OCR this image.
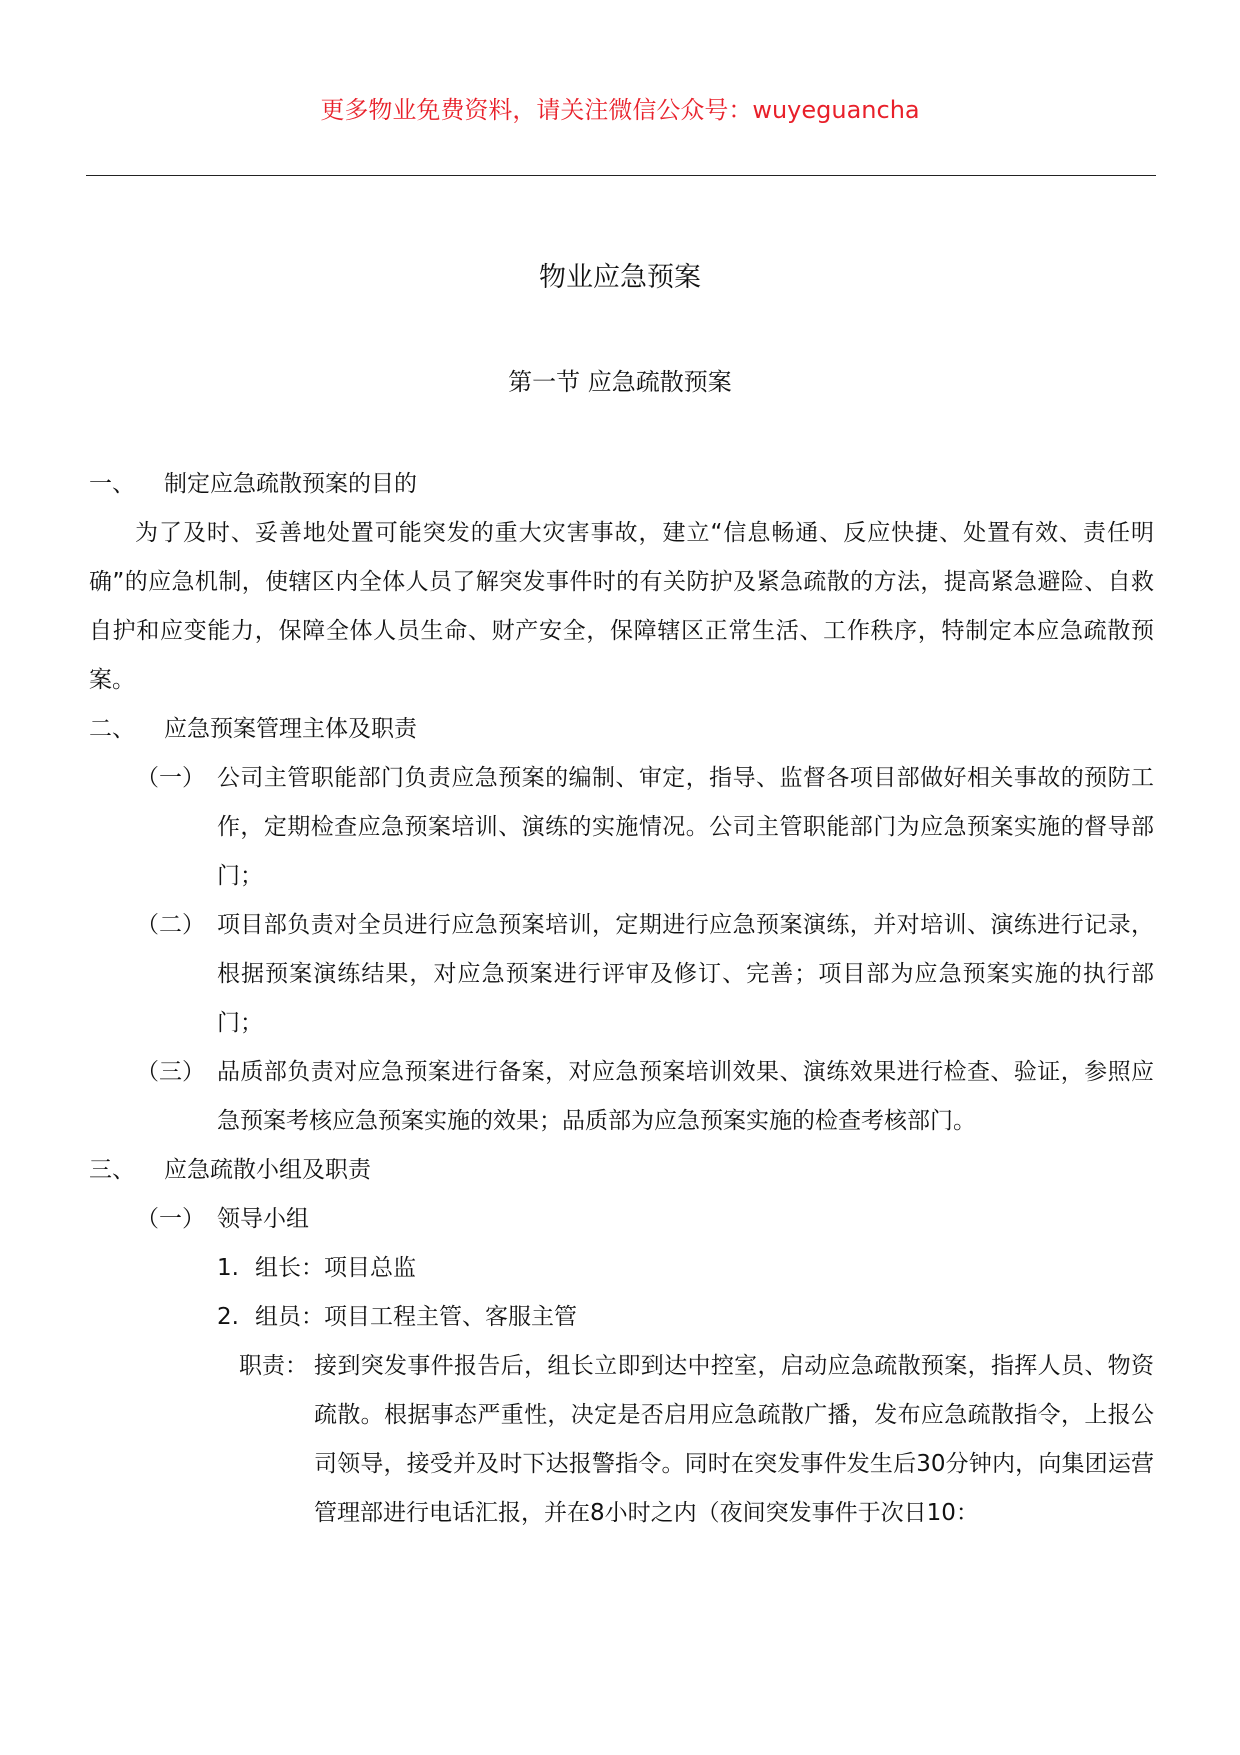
更多物业免费资料，请关注微信公众号：wuyeguancha
物业应急预案
第一节 应急疏散预案
一、	制定应急疏散预案的目的
为了及时、妥善地处置可能突发的重大灾害事故，建立“信息畅通、反应快捷、处置有效、责任明确”的应急机制，使辖区内全体人员了解突发事件时的有关防护及紧急疏散的方法，提高紧急避险、自救自护和应变能力，保障全体人员生命、财产安全，保障辖区正常生活、工作秩序，特制定本应急疏散预案。
二、	应急预案管理主体及职责
（一） 公司主管职能部门负责应急预案的编制、审定，指导、监督各项目部做好相关事故的预防工作，定期检查应急预案培训、演练的实施情况。公司主管职能部门为应急预案实施的督导部门；
（二） 项目部负责对全员进行应急预案培训，定期进行应急预案演练，并对培训、演练进行记录，根据预案演练结果，对应急预案进行评审及修订、完善；项目部为应急预案实施的执行部门；
（三） 品质部负责对应急预案进行备案，对应急预案培训效果、演练效果进行检查、验证，参照应急预案考核应急预案实施的效果；品质部为应急预案实施的检查考核部门。
三、	应急疏散小组及职责
（一） 领导小组
1. 组长：项目总监
2. 组员：项目工程主管、客服主管
职责： 接到突发事件报告后，组长立即到达中控室，启动应急疏散预案，指挥人员、物资疏散。根据事态严重性，决定是否启用应急疏散广播，发布应急疏散指令，上报公司领导，接受并及时下达报警指令。同时在突发事件发生后30分钟内，向集团运营管理部进行电话汇报，并在8小时之内（夜间突发事件于次日10：
